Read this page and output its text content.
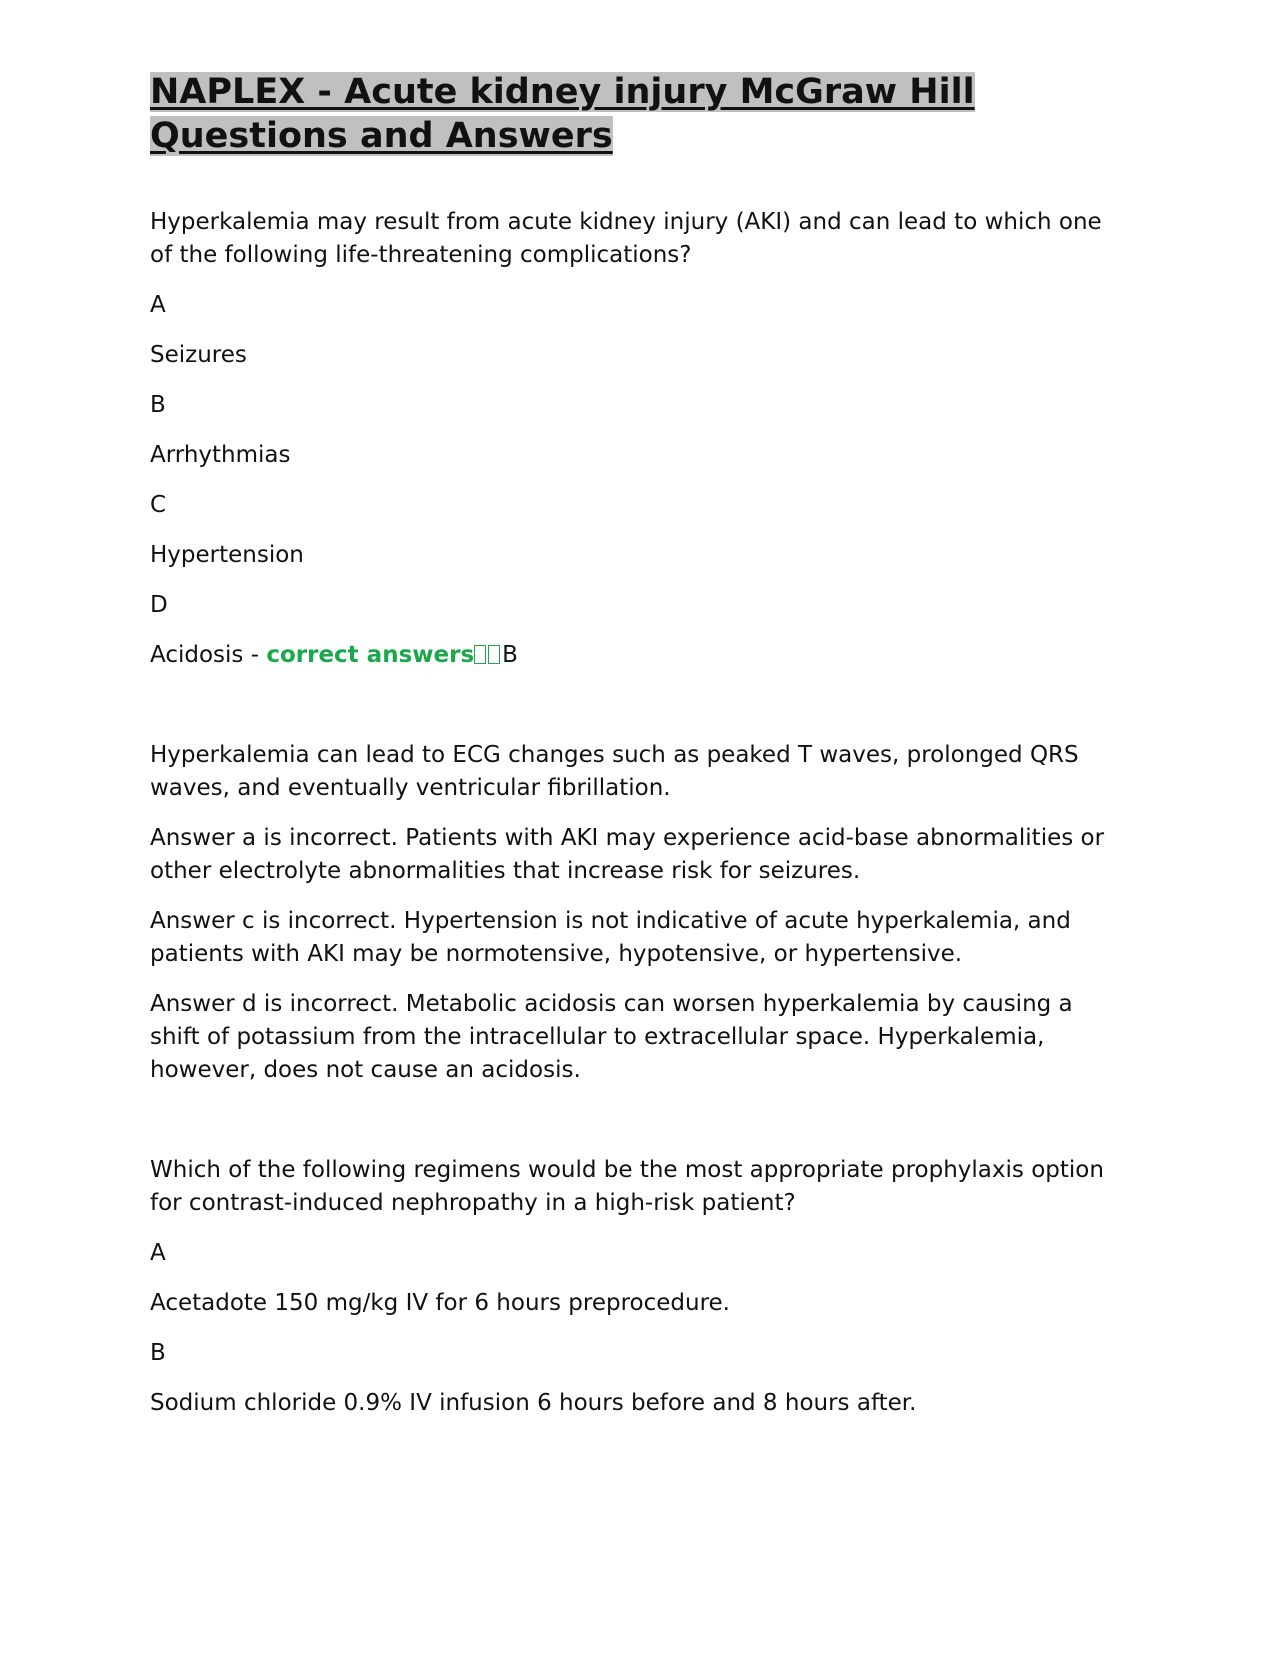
NAPLEX - Acute kidney injury McGraw Hill Questions and Answers
Hyperkalemia may result from acute kidney injury (AKI) and can lead to which one of the following life-threatening complications?
A
Seizures
B
Arrhythmias
C
Hypertension
D
Acidosis - correct answers B
Hyperkalemia can lead to ECG changes such as peaked T waves, prolonged QRS waves, and eventually ventricular fibrillation.
Answer a is incorrect. Patients with AKI may experience acid-base abnormalities or other electrolyte abnormalities that increase risk for seizures.
Answer c is incorrect. Hypertension is not indicative of acute hyperkalemia, and patients with AKI may be normotensive, hypotensive, or hypertensive.
Answer d is incorrect. Metabolic acidosis can worsen hyperkalemia by causing a shift of potassium from the intracellular to extracellular space. Hyperkalemia, however, does not cause an acidosis.
Which of the following regimens would be the most appropriate prophylaxis option for contrast-induced nephropathy in a high-risk patient?
A
Acetadote 150 mg/kg IV for 6 hours preprocedure.
B
Sodium chloride 0.9% IV infusion 6 hours before and 8 hours after.
